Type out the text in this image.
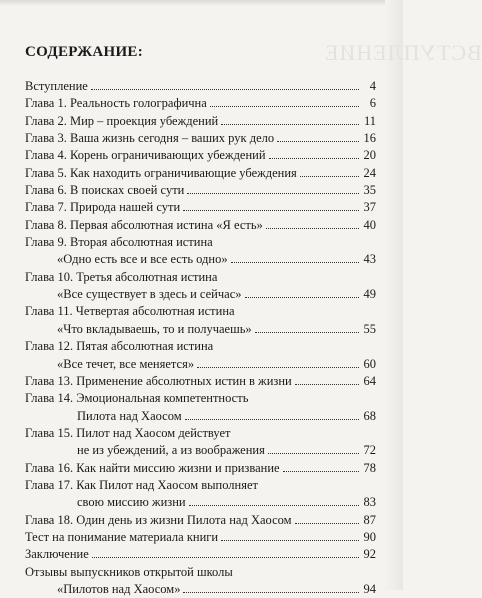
ВСТУПЛЕНИЕ
СОДЕРЖАНИЕ:
Вступление	4
Глава 1. Реальность голографична	6
Глава 2. Мир – проекция убеждений	11
Глава 3. Ваша жизнь сегодня – ваших рук дело	16
Глава 4. Корень ограничивающих убеждений	20
Глава 5. Как находить ограничивающие убеждения	24
Глава 6. В поисках своей сути	35
Глава 7. Природа нашей сути	37
Глава 8. Первая абсолютная истина «Я есть»	40
Глава 9. Вторая абсолютная истина
«Одно есть все и все есть одно»	43
Глава 10. Третья абсолютная истина
«Все существует в здесь и сейчас»	49
Глава 11. Четвертая абсолютная истина
«Что вкладываешь, то и получаешь»	55
Глава 12. Пятая абсолютная истина
«Все течет, все меняется»	60
Глава 13. Применение абсолютных истин в жизни	64
Глава 14. Эмоциональная компетентность
Пилота над Хаосом	68
Глава 15. Пилот над Хаосом действует
не из убеждений, а из воображения	72
Глава 16. Как найти миссию жизни и призвание	78
Глава 17. Как Пилот над Хаосом выполняет
свою миссию жизни	83
Глава 18. Один день из жизни Пилота над Хаосом	87
Тест на понимание материала книги	90
Заключение	92
Отзывы выпускников открытой школы
«Пилотов над Хаосом»	94
